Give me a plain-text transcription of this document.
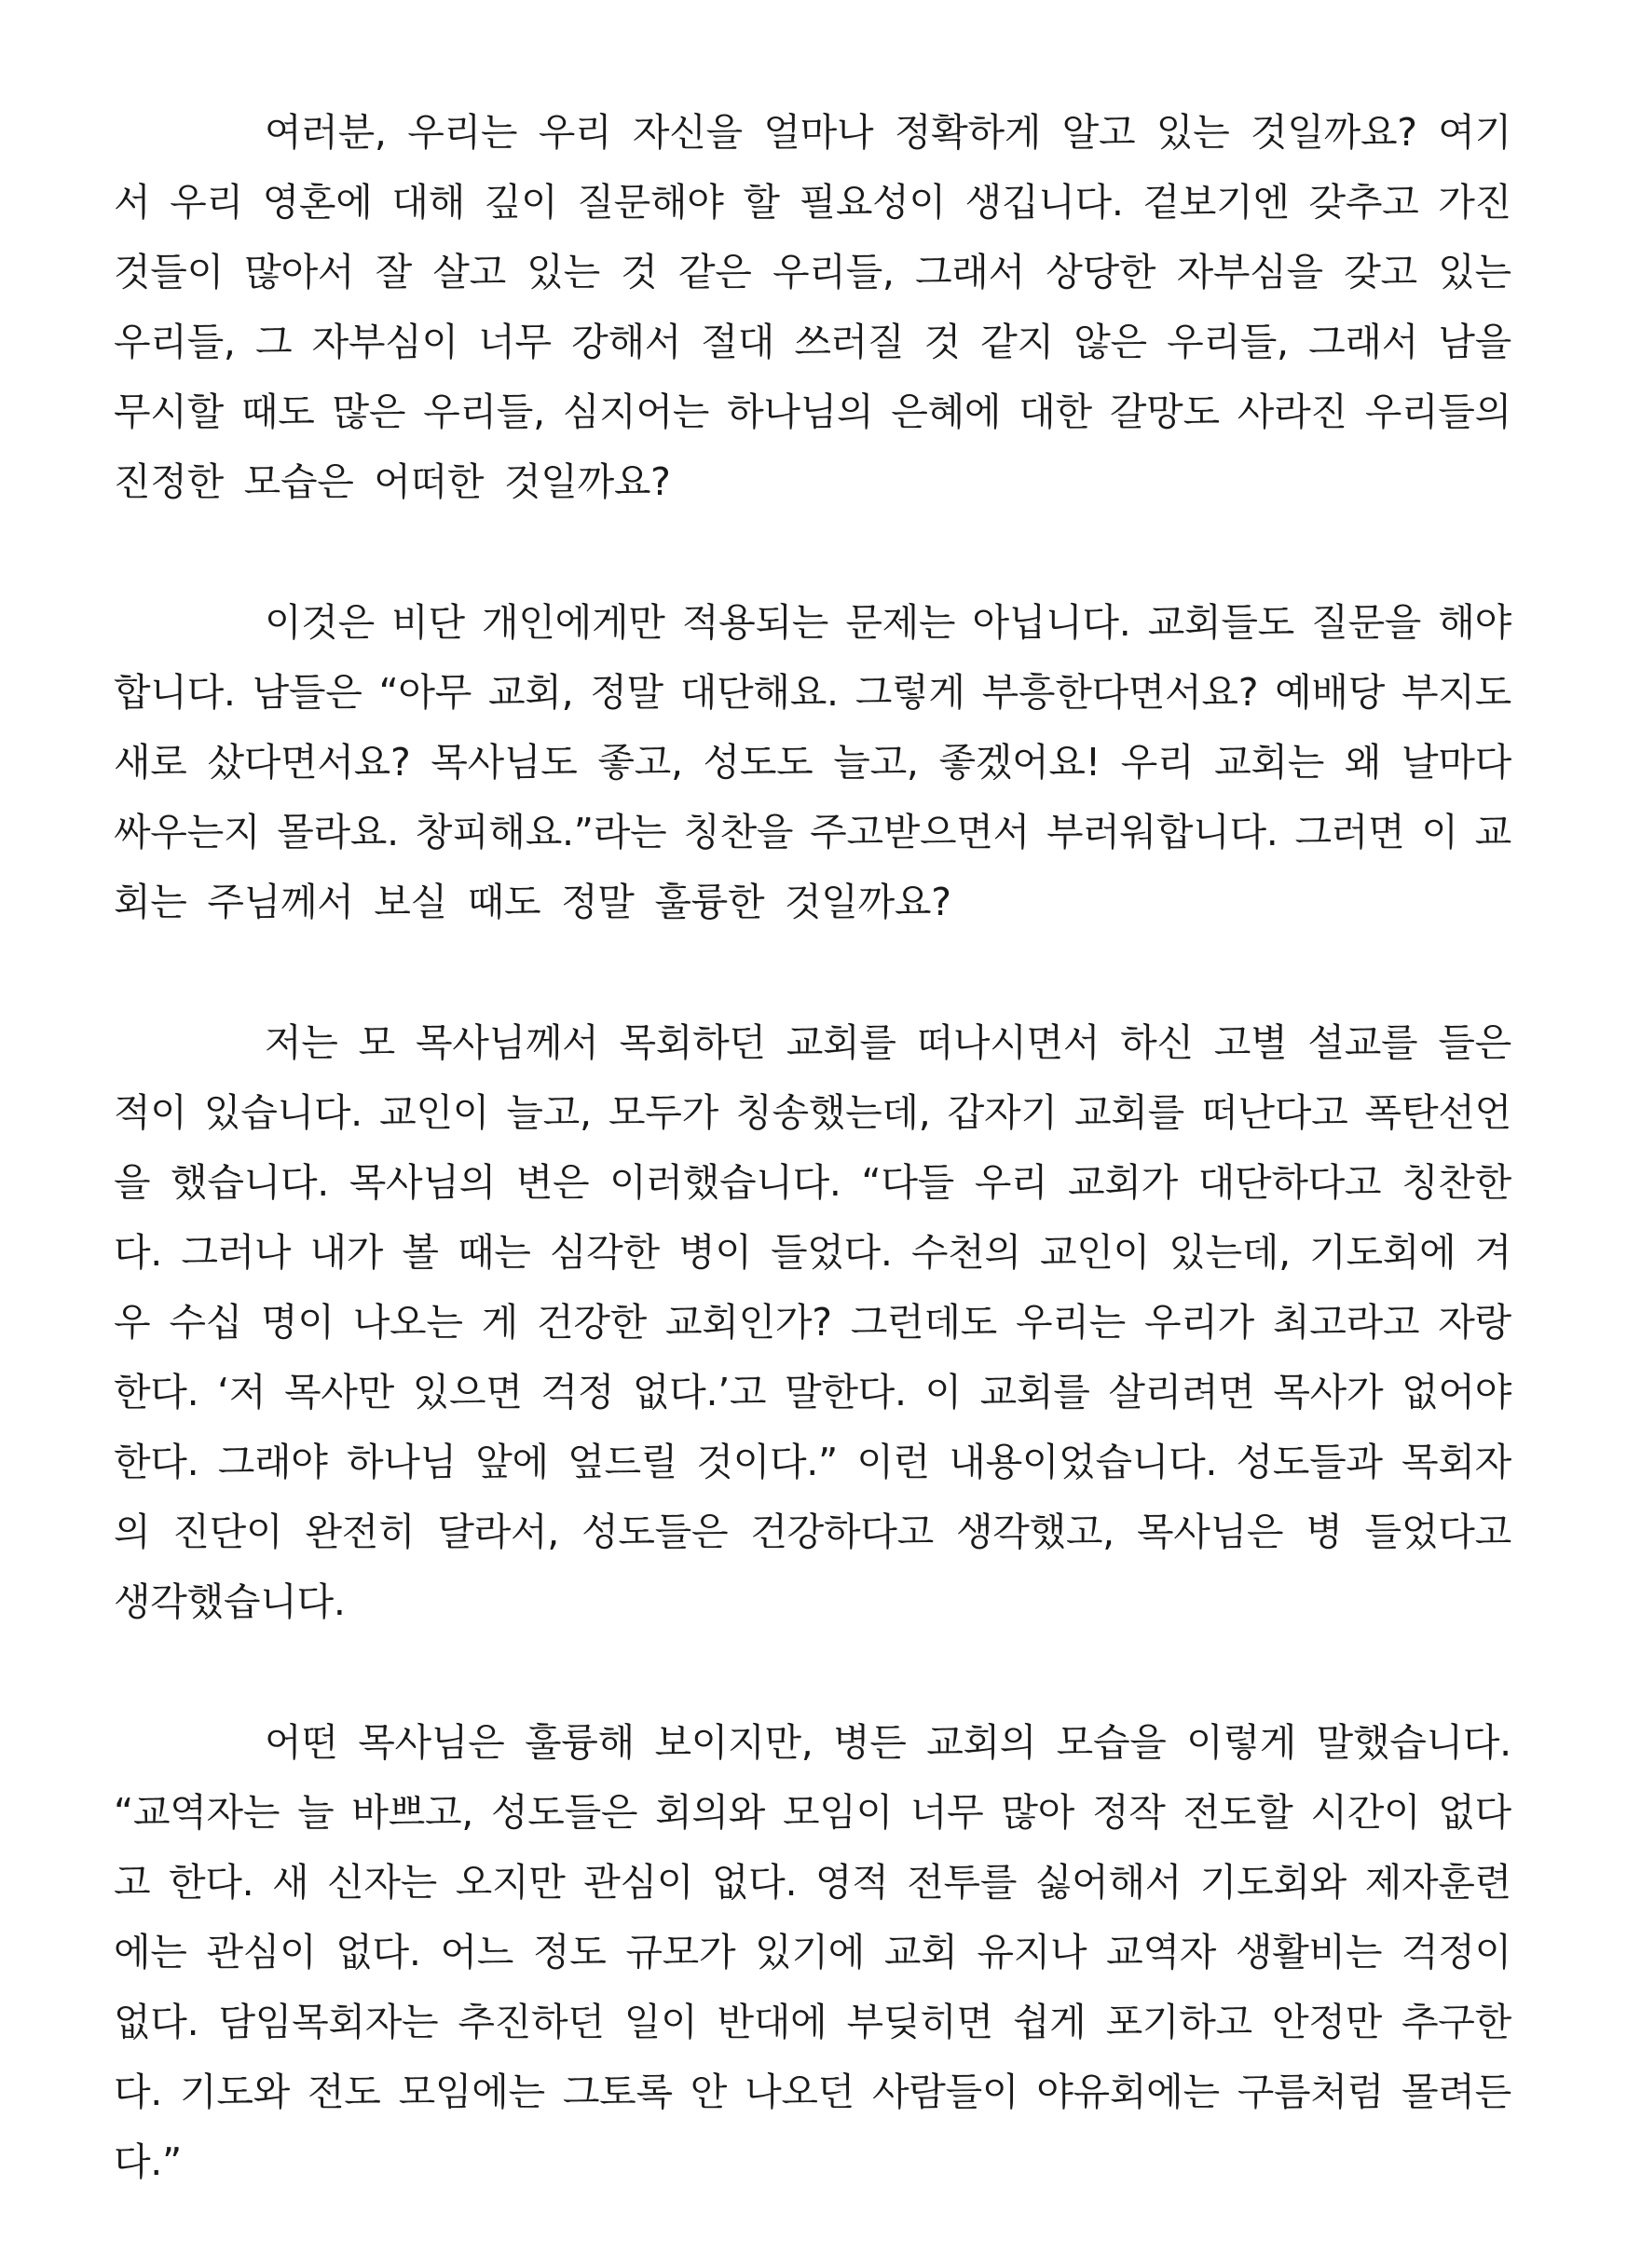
여러분, 우리는 우리 자신을 얼마나 정확하게 알고 있는 것일까요? 여기
서 우리 영혼에 대해 깊이 질문해야 할 필요성이 생깁니다. 겉보기엔 갖추고 가진
것들이 많아서 잘 살고 있는 것 같은 우리들, 그래서 상당한 자부심을 갖고 있는
우리들, 그 자부심이 너무 강해서 절대 쓰러질 것 같지 않은 우리들, 그래서 남을
무시할 때도 많은 우리들, 심지어는 하나님의 은혜에 대한 갈망도 사라진 우리들의
진정한 모습은 어떠한 것일까요?
이것은 비단 개인에게만 적용되는 문제는 아닙니다. 교회들도 질문을 해야
합니다. 남들은 “아무 교회, 정말 대단해요. 그렇게 부흥한다면서요? 예배당 부지도
새로 샀다면서요? 목사님도 좋고, 성도도 늘고, 좋겠어요! 우리 교회는 왜 날마다
싸우는지 몰라요. 창피해요.”라는 칭찬을 주고받으면서 부러워합니다. 그러면 이 교
회는 주님께서 보실 때도 정말 훌륭한 것일까요?
저는 모 목사님께서 목회하던 교회를 떠나시면서 하신 고별 설교를 들은
적이 있습니다. 교인이 늘고, 모두가 칭송했는데, 갑자기 교회를 떠난다고 폭탄선언
을 했습니다. 목사님의 변은 이러했습니다. “다들 우리 교회가 대단하다고 칭찬한
다. 그러나 내가 볼 때는 심각한 병이 들었다. 수천의 교인이 있는데, 기도회에 겨
우 수십 명이 나오는 게 건강한 교회인가? 그런데도 우리는 우리가 최고라고 자랑
한다. ‘저 목사만 있으면 걱정 없다.’고 말한다. 이 교회를 살리려면 목사가 없어야
한다. 그래야 하나님 앞에 엎드릴 것이다.” 이런 내용이었습니다. 성도들과 목회자
의 진단이 완전히 달라서, 성도들은 건강하다고 생각했고, 목사님은 병 들었다고
생각했습니다.
어떤 목사님은 훌륭해 보이지만, 병든 교회의 모습을 이렇게 말했습니다.
“교역자는 늘 바쁘고, 성도들은 회의와 모임이 너무 많아 정작 전도할 시간이 없다
고 한다. 새 신자는 오지만 관심이 없다. 영적 전투를 싫어해서 기도회와 제자훈련
에는 관심이 없다. 어느 정도 규모가 있기에 교회 유지나 교역자 생활비는 걱정이
없다. 담임목회자는 추진하던 일이 반대에 부딪히면 쉽게 포기하고 안정만 추구한
다. 기도와 전도 모임에는 그토록 안 나오던 사람들이 야유회에는 구름처럼 몰려든
다.”
